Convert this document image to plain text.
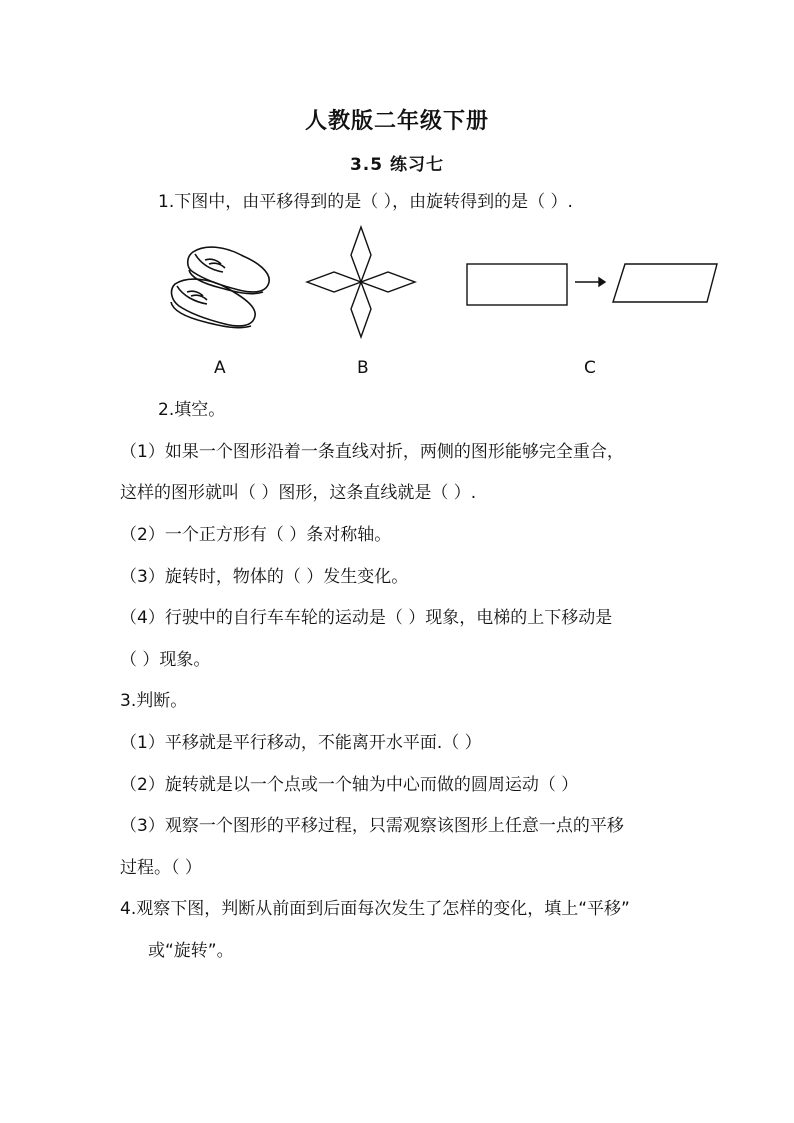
人教版二年级下册
3.5 练习七
1.下图中，由平移得到的是（ ），由旋转得到的是（ ）.
A	B	C
2.填空。
（1）如果一个图形沿着一条直线对折，两侧的图形能够完全重合，
这样的图形就叫（ ）图形，这条直线就是（ ）.
（2）一个正方形有（ ）条对称轴。
（3）旋转时，物体的（ ）发生变化。
（4）行驶中的自行车车轮的运动是（ ）现象，电梯的上下移动是
（ ）现象。
3.判断。
（1）平移就是平行移动，不能离开水平面.（ ）
（2）旋转就是以一个点或一个轴为中心而做的圆周运动（ ）
（3）观察一个图形的平移过程，只需观察该图形上任意一点的平移
过程。（ ）
4.观察下图，判断从前面到后面每次发生了怎样的变化，填上“平移”
或“旋转”。
